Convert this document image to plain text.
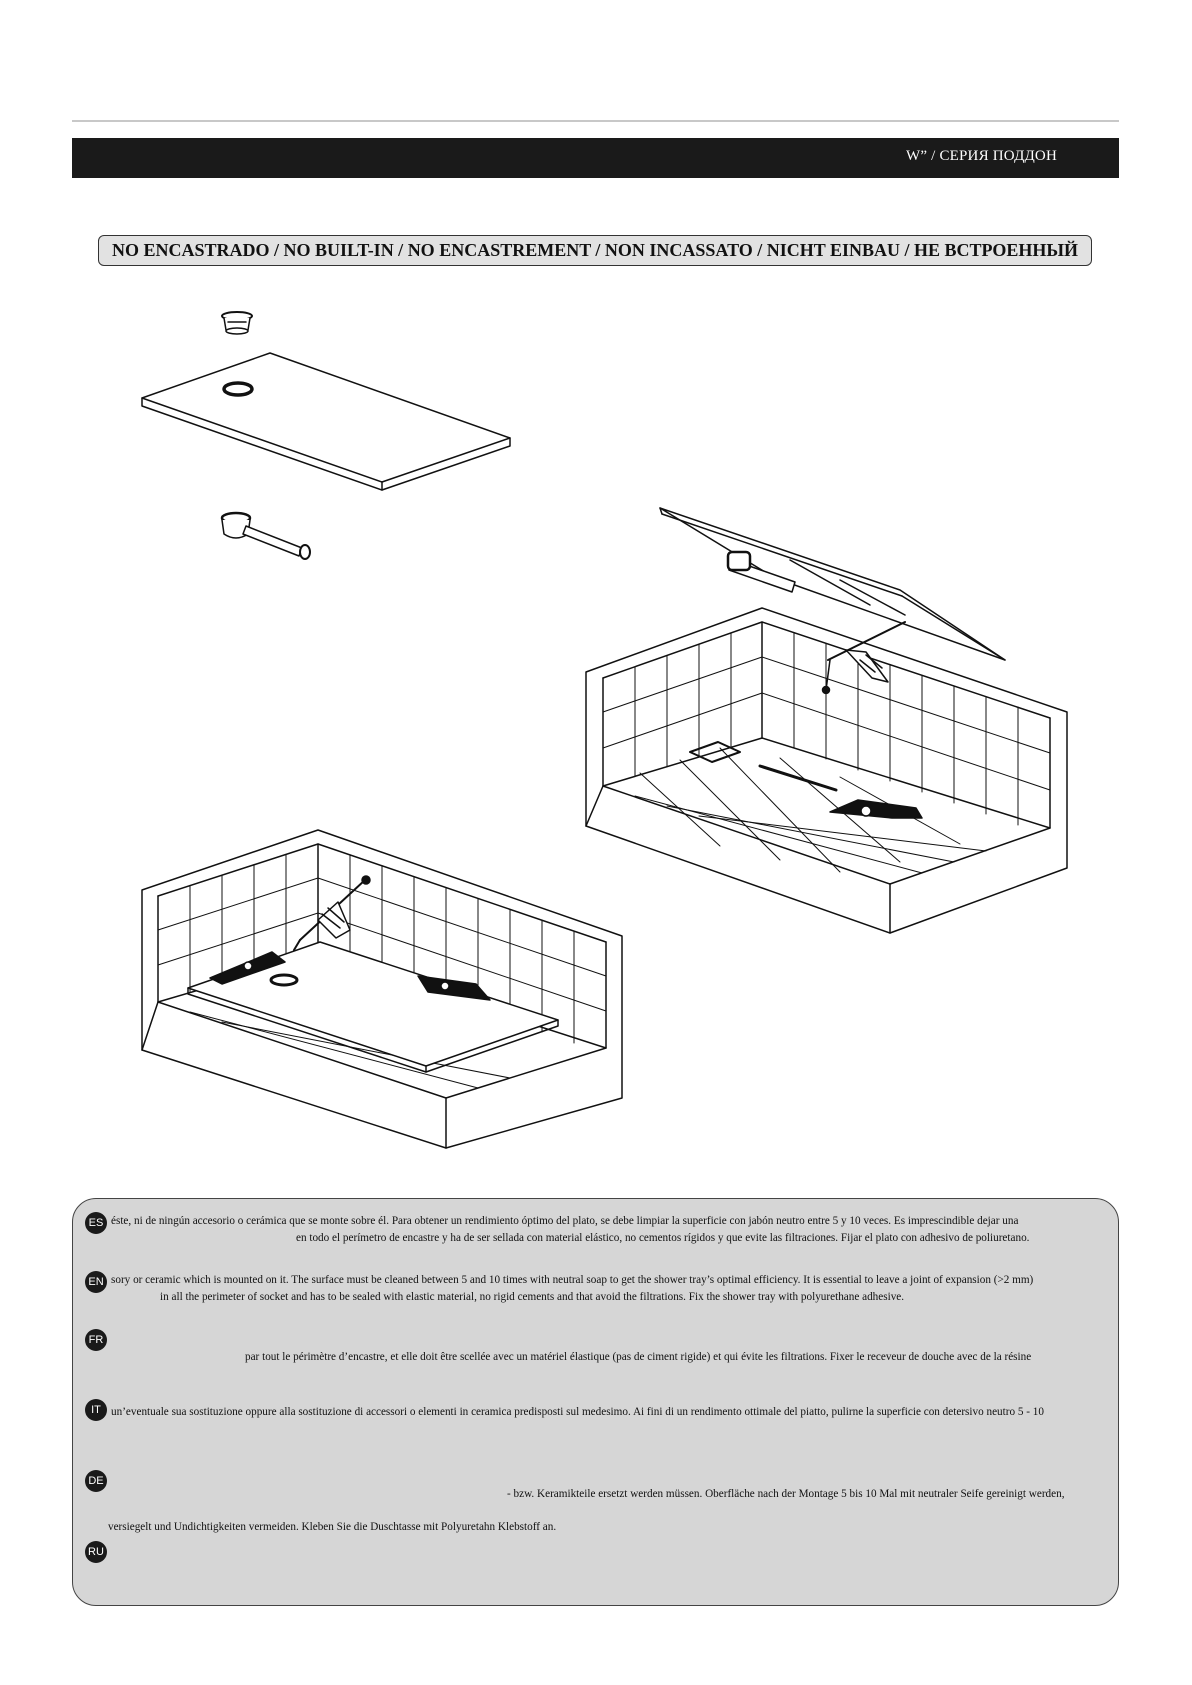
W” / СЕРИЯ ПОДДОН
NO ENCASTRADO / NO BUILT-IN / NO ENCASTREMENT / NON INCASSATO / NICHT EINBAU / НЕ ВСТРОЕННЫЙ
ES éste, ni de ningún accesorio o cerámica que se monte sobre él. Para obtener un rendimiento óptimo del plato, se debe limpiar la superficie con jabón neutro entre 5 y 10 veces. Es imprescindible dejar una
en todo el perímetro de encastre y ha de ser sellada con material elástico, no cementos rígidos y que evite las filtraciones. Fijar el plato con adhesivo de poliuretano.
EN sory or ceramic which is mounted on it. The surface must be cleaned between 5 and 10 times with neutral soap to get the shower tray’s optimal efficiency. It is essential to leave a joint of expansion (>2 mm)
in all the perimeter of socket and has to be sealed with elastic material, no rigid cements and that avoid the filtrations. Fix the shower tray with polyurethane adhesive.
FR
par tout le périmètre d’encastre, et elle doit être scellée avec un matériel élastique (pas de ciment rigide) et qui évite les filtrations. Fixer le receveur de douche avec de la résine
IT un’eventuale sua sostituzione oppure alla sostituzione di accessori o elementi in ceramica predisposti sul medesimo. Ai fini di un rendimento ottimale del piatto, pulirne la superficie con detersivo neutro 5 - 10
DE
- bzw. Keramikteile ersetzt werden müssen. Oberfläche nach der Montage 5 bis 10 Mal mit neutraler Seife gereinigt werden,
versiegelt und Undichtigkeiten vermeiden. Kleben Sie die Duschtasse mit Polyuretahn Klebstoff an.
RU
